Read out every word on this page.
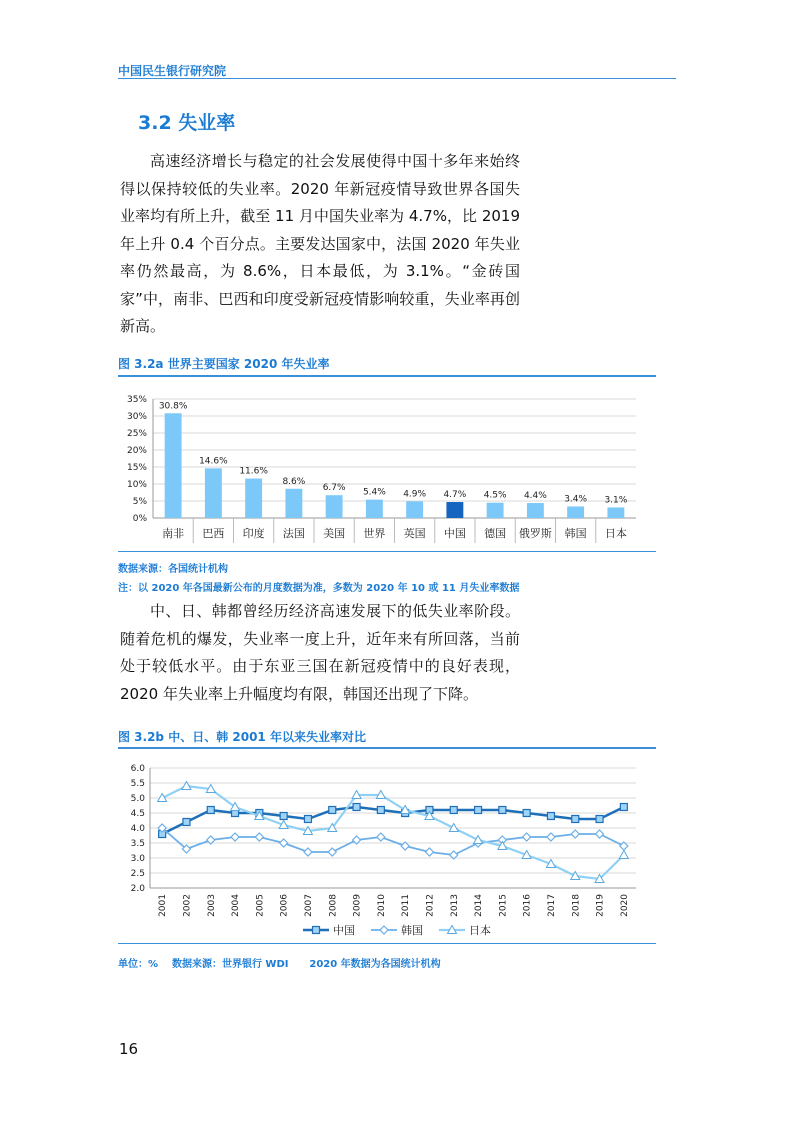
中国民生银行研究院
3.2 失业率

高速经济增长与稳定的社会发展使得中国十多年来始终得以保持较低的失业率。2020 年新冠疫情导致世界各国失业率均有所上升，截至 11 月中国失业率为 4.7%，比 2019 年上升 0.4 个百分点。主要发达国家中，法国 2020 年失业率仍然最高，为 8.6%，日本最低，为 3.1%。“金砖国家”中，南非、巴西和印度受新冠疫情影响较重，失业率再创新高。

图 3.2a 世界主要国家 2020 年失业率
0%
5%
10%
15%
20%
25%
30%
35%
30.8%
南非
14.6%
巴西
11.6%
印度
8.6%
法国
6.7%
美国
5.4%
世界
4.9%
英国
4.7%
中国
4.5%
德国
4.4%
俄罗斯
3.4%
韩国
3.1%
日本
数据来源：各国统计机构
注：以 2020 年各国最新公布的月度数据为准，多数为 2020 年 10 或 11 月失业率数据

中、日、韩都曾经历经济高速发展下的低失业率阶段。随着危机的爆发，失业率一度上升，近年来有所回落，当前处于较低水平。由于东亚三国在新冠疫情中的良好表现，2020 年失业率上升幅度均有限，韩国还出现了下降。

图 3.2b 中、日、韩 2001 年以来失业率对比
2.0
2.5
3.0
3.5
4.0
4.5
5.0
5.5
6.0
2001 2002 2003 2004 2005 2006 2007 2008 2009 2010 2011 2012 2013 2014 2015 2016 2017 2018 2019 2020
中国	韩国	日本
单位：%    数据来源：世界银行 WDI      2020 年数据为各国统计机构
16
